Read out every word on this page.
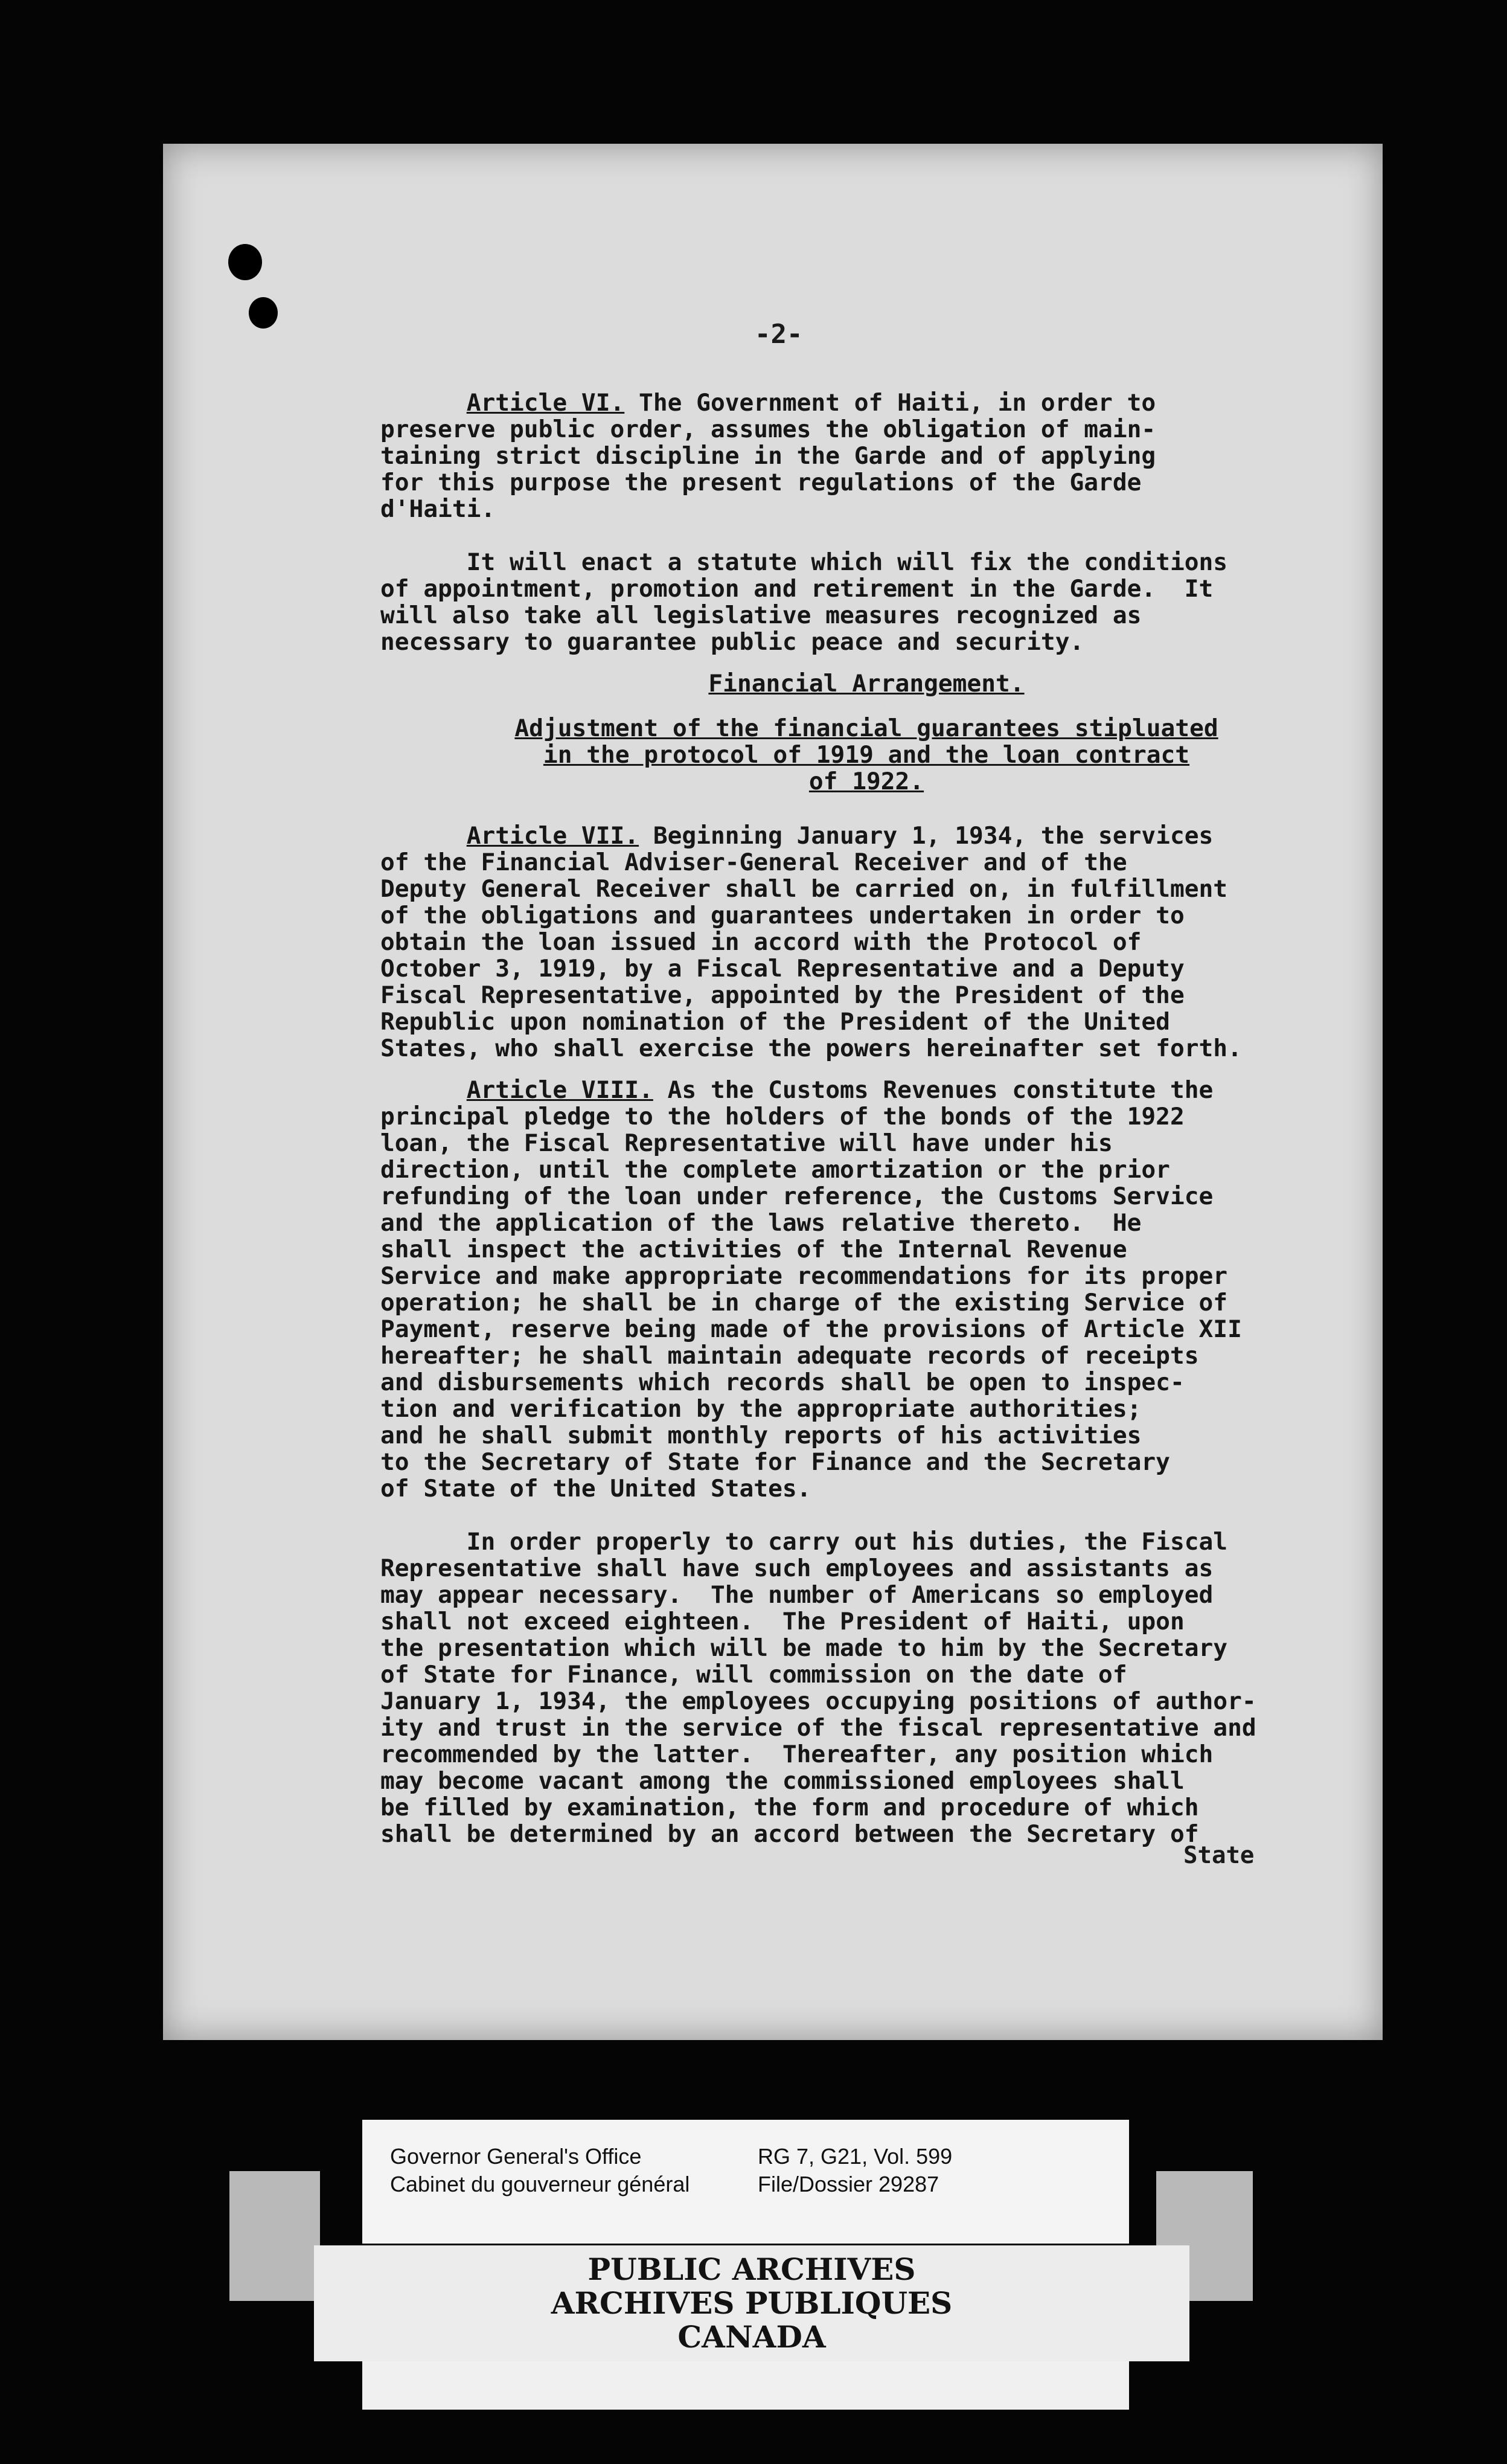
-2-

Article VI. The Government of Haiti, in order to

preserve public order, assumes the obligation of main-

taining strict discipline in the Garde and of applying

for this purpose the present regulations of the Garde

d'Haiti.

It will enact a statute which will fix the conditions

of appointment, promotion and retirement in the Garde.  It

will also take all legislative measures recognized as

necessary to guarantee public peace and security.

Financial Arrangement.

Adjustment of the financial guarantees stipluated

in the protocol of 1919 and the loan contract

of 1922.

Article VII. Beginning January 1, 1934, the services

of the Financial Adviser-General Receiver and of the

Deputy General Receiver shall be carried on, in fulfillment

of the obligations and guarantees undertaken in order to

obtain the loan issued in accord with the Protocol of

October 3, 1919, by a Fiscal Representative and a Deputy

Fiscal Representative, appointed by the President of the

Republic upon nomination of the President of the United

States, who shall exercise the powers hereinafter set forth.

Article VIII. As the Customs Revenues constitute the

principal pledge to the holders of the bonds of the 1922

loan, the Fiscal Representative will have under his

direction, until the complete amortization or the prior

refunding of the loan under reference, the Customs Service

and the application of the laws relative thereto.  He

shall inspect the activities of the Internal Revenue

Service and make appropriate recommendations for its proper

operation; he shall be in charge of the existing Service of

Payment, reserve being made of the provisions of Article XII

hereafter; he shall maintain adequate records of receipts

and disbursements which records shall be open to inspec-

tion and verification by the appropriate authorities;

and he shall submit monthly reports of his activities

to the Secretary of State for Finance and the Secretary

of State of the United States.

In order properly to carry out his duties, the Fiscal

Representative shall have such employees and assistants as

may appear necessary.  The number of Americans so employed

shall not exceed eighteen.  The President of Haiti, upon

the presentation which will be made to him by the Secretary

of State for Finance, will commission on the date of

January 1, 1934, the employees occupying positions of author-

ity and trust in the service of the fiscal representative and

recommended by the latter.  Thereafter, any position which

may become vacant among the commissioned employees shall

be filled by examination, the form and procedure of which

shall be determined by an accord between the Secretary of

State
Governor General's Office
Cabinet du gouverneur général
RG 7, G21, Vol. 599
File/Dossier 29287
PUBLIC ARCHIVES
ARCHIVES PUBLIQUES
CANADA
